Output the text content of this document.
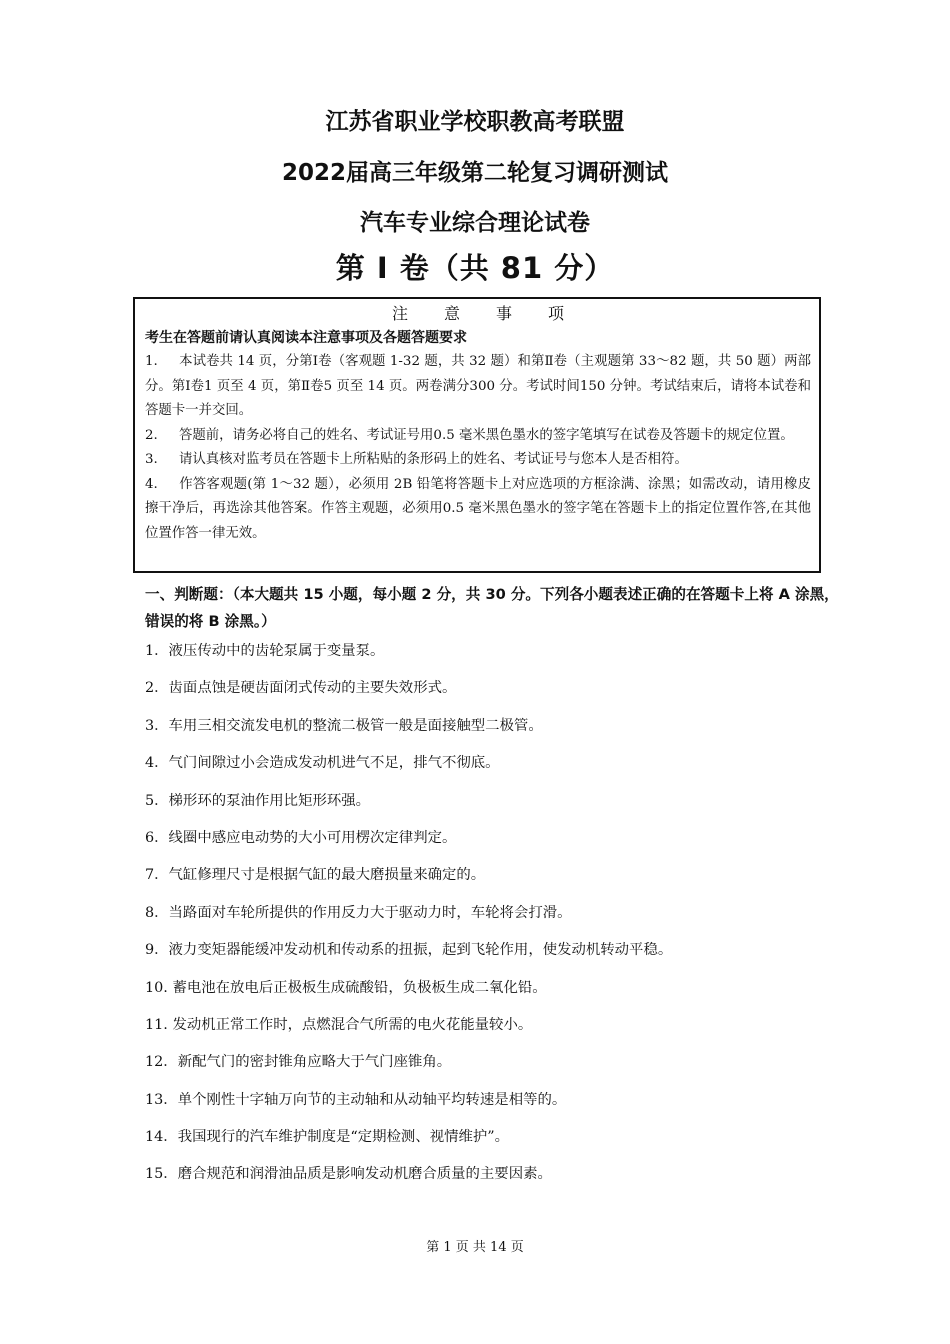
江苏省职业学校职教高考联盟
2022届高三年级第二轮复习调研测试
汽车专业综合理论试卷
第 I 卷（共 81 分）
注意事项
考生在答题前请认真阅读本注意事项及各题答题要求
1. 本试卷共 14 页，分第Ⅰ卷（客观题 1-32 题，共 32 题）和第Ⅱ卷（主观题第 33～82 题，共 50 题）两部分。第Ⅰ卷1 页至 4 页，第Ⅱ卷5 页至 14 页。两卷满分300 分。考试时间150 分钟。考试结束后，请将本试卷和答题卡一并交回。
2. 答题前，请务必将自己的姓名、考试证号用0.5 毫米黑色墨水的签字笔填写在试卷及答题卡的规定位置。
3. 请认真核对监考员在答题卡上所粘贴的条形码上的姓名、考试证号与您本人是否相符。
4. 作答客观题(第 1～32 题），必须用 2B 铅笔将答题卡上对应选项的方框涂满、涂黑；如需改动，请用橡皮擦干净后，再选涂其他答案。作答主观题，必须用0.5 毫米黑色墨水的签字笔在答题卡上的指定位置作答,在其他位置作答一律无效。
一、判断题：（本大题共 15 小题，每小题 2 分，共 30 分。下列各小题表述正确的在答题卡上将 A 涂黑，错误的将 B 涂黑。）
1．液压传动中的齿轮泵属于变量泵。
2．齿面点蚀是硬齿面闭式传动的主要失效形式。
3．车用三相交流发电机的整流二极管一般是面接触型二极管。
4．气门间隙过小会造成发动机进气不足，排气不彻底。
5．梯形环的泵油作用比矩形环强。
6．线圈中感应电动势的大小可用楞次定律判定。
7．气缸修理尺寸是根据气缸的最大磨损量来确定的。
8．当路面对车轮所提供的作用反力大于驱动力时，车轮将会打滑。
9．液力变矩器能缓冲发动机和传动系的扭振，起到飞轮作用，使发动机转动平稳。
10. 蓄电池在放电后正极板生成硫酸铅，负极板生成二氧化铅。
11. 发动机正常工作时，点燃混合气所需的电火花能量较小。
12．新配气门的密封锥角应略大于气门座锥角。
13．单个刚性十字轴万向节的主动轴和从动轴平均转速是相等的。
14．我国现行的汽车维护制度是“定期检测、视情维护”。
15．磨合规范和润滑油品质是影响发动机磨合质量的主要因素。
第 1 页 共 14 页
